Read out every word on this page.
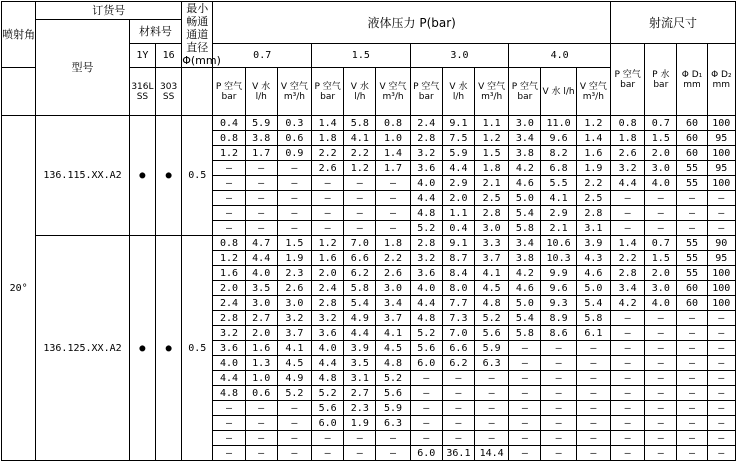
喷射角	订货号			最小畅通通道直径Φ(mm)	液体压力 P(bar)												射流尺寸			
	型号	材料号																		
		1Y	16		0.7			1.5			3.0			4.0			P 空气 bar	P 水 bar	Φ D₁ mm	Φ D₂ mm
		316L SS	303 SS		P 空气 bar	V 水 l/h	V 空气 m³/h	P 空气 bar	V 水 l/h	V 空气 m³/h	P 空气 bar	V 水 l/h	V 空气 m³/h	P 空气 bar	V 水 l/h	V 空气 m³/h				
20°	136.115.XX.A2	●	●	0.5	0.4	5.9	0.3	1.4	5.8	0.8	2.4	9.1	1.1	3.0	11.0	1.2	0.8	0.7	60	100
					0.8	3.8	0.6	1.8	4.1	1.0	2.8	7.5	1.2	3.4	9.6	1.4	1.8	1.5	60	95
					1.2	1.7	0.9	2.2	2.2	1.4	3.2	5.9	1.5	3.8	8.2	1.6	2.6	2.0	60	100
					–	–	–	2.6	1.2	1.7	3.6	4.4	1.8	4.2	6.8	1.9	3.2	3.0	55	95
					–	–	–	–	–	–	4.0	2.9	2.1	4.6	5.5	2.2	4.4	4.0	55	100
					–	–	–	–	–	–	4.4	2.0	2.5	5.0	4.1	2.5	–	–	–	–
					–	–	–	–	–	–	4.8	1.1	2.8	5.4	2.9	2.8	–	–	–	–
					–	–	–	–	–	–	5.2	0.4	3.0	5.8	2.1	3.1	–	–	–	–
	136.125.XX.A2	●	●	0.5	0.8	4.7	1.5	1.2	7.0	1.8	2.8	9.1	3.3	3.4	10.6	3.9	1.4	0.7	55	90
					1.2	4.4	1.9	1.6	6.6	2.2	3.2	8.7	3.7	3.8	10.3	4.3	2.2	1.5	55	95
					1.6	4.0	2.3	2.0	6.2	2.6	3.6	8.4	4.1	4.2	9.9	4.6	2.8	2.0	55	100
					2.0	3.5	2.6	2.4	5.8	3.0	4.0	8.0	4.5	4.6	9.6	5.0	3.4	3.0	60	100
					2.4	3.0	3.0	2.8	5.4	3.4	4.4	7.7	4.8	5.0	9.3	5.4	4.2	4.0	60	100
					2.8	2.7	3.2	3.2	4.9	3.7	4.8	7.3	5.2	5.4	8.9	5.8	–	–	–	–
					3.2	2.0	3.7	3.6	4.4	4.1	5.2	7.0	5.6	5.8	8.6	6.1	–	–	–	–
					3.6	1.6	4.1	4.0	3.9	4.5	5.6	6.6	5.9	–	–	–	–	–	–	–
					4.0	1.3	4.5	4.4	3.5	4.8	6.0	6.2	6.3	–	–	–	–	–	–	–
					4.4	1.0	4.9	4.8	3.1	5.2	–	–	–	–	–	–	–	–	–	–
					4.8	0.6	5.2	5.2	2.7	5.6	–	–	–	–	–	–	–	–	–	–
					–	–	–	5.6	2.3	5.9	–	–	–	–	–	–	–	–	–	–
					–	–	–	6.0	1.9	6.3	–	–	–	–	–	–	–	–	–	–
					–	–	–	–	–	–	–	–	–	–	–	–	–	–	–	–
					–	–	–	–	–	–	6.0	36.1	14.4	–	–	–	–	–	–	–
